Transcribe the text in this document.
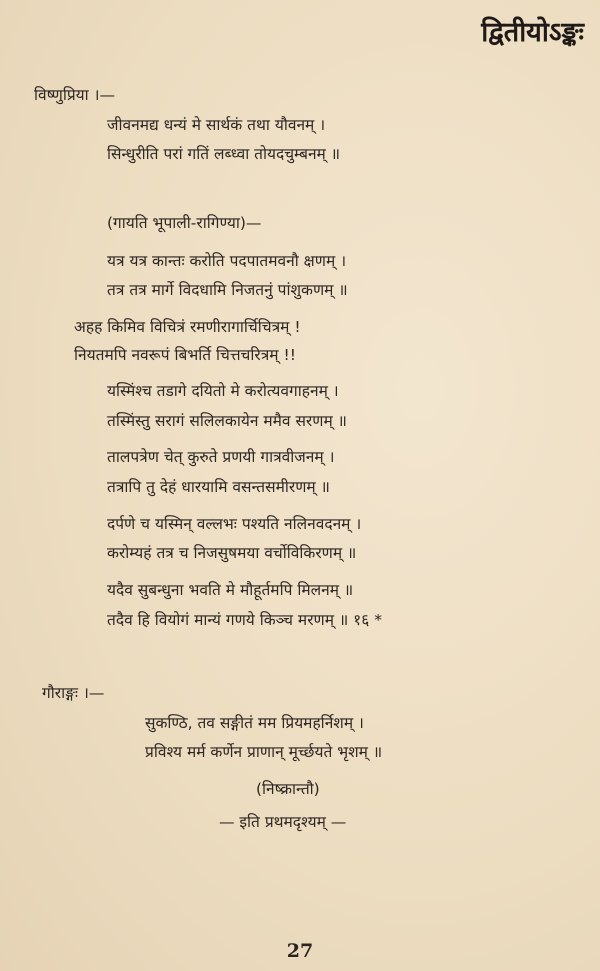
द्वितीयोऽङ्कः
विष्णुप्रिया ।—
जीवनमद्य धन्यं मे सार्थकं तथा यौवनम् ।
सिन्धुरीति परां गतिं लब्ध्वा तोयदचुम्बनम् ॥
(गायति भूपाली-रागिण्या)—
यत्र यत्र कान्तः करोति पदपातमवनौ क्षणम् ।
तत्र तत्र मार्गे विदधामि निजतनुं पांशुकणम् ॥
अहह किमिव विचित्रं रमणीरागार्चिचित्रम् !
नियतमपि नवरूपं बिभर्ति चित्तचरित्रम् !!
यस्मिंश्च तडागे दयितो मे करोत्यवगाहनम् ।
तस्मिंस्तु सरागं सलिलकायेन ममैव सरणम् ॥
तालपत्रेण चेत् कुरुते प्रणयी गात्रवीजनम् ।
तत्रापि तु देहं धारयामि वसन्तसमीरणम् ॥
दर्पणे च यस्मिन् वल्लभः पश्यति नलिनवदनम् ।
करोम्यहं तत्र च निजसुषमया वर्चोविकिरणम् ॥
यदैव सुबन्धुना भवति मे मौहूर्तमपि मिलनम् ॥
तदैव हि वियोगं मान्यं गणये किञ्च मरणम् ॥ १६ *
गौराङ्गः ।—
सुकण्ठि, तव सङ्गीतं मम प्रियमहर्निशम् ।
प्रविश्य मर्म कर्णेन प्राणान् मूर्च्छयते भृशम् ॥
(निष्क्रान्तौ)
— इति प्रथमदृश्यम् —
27
